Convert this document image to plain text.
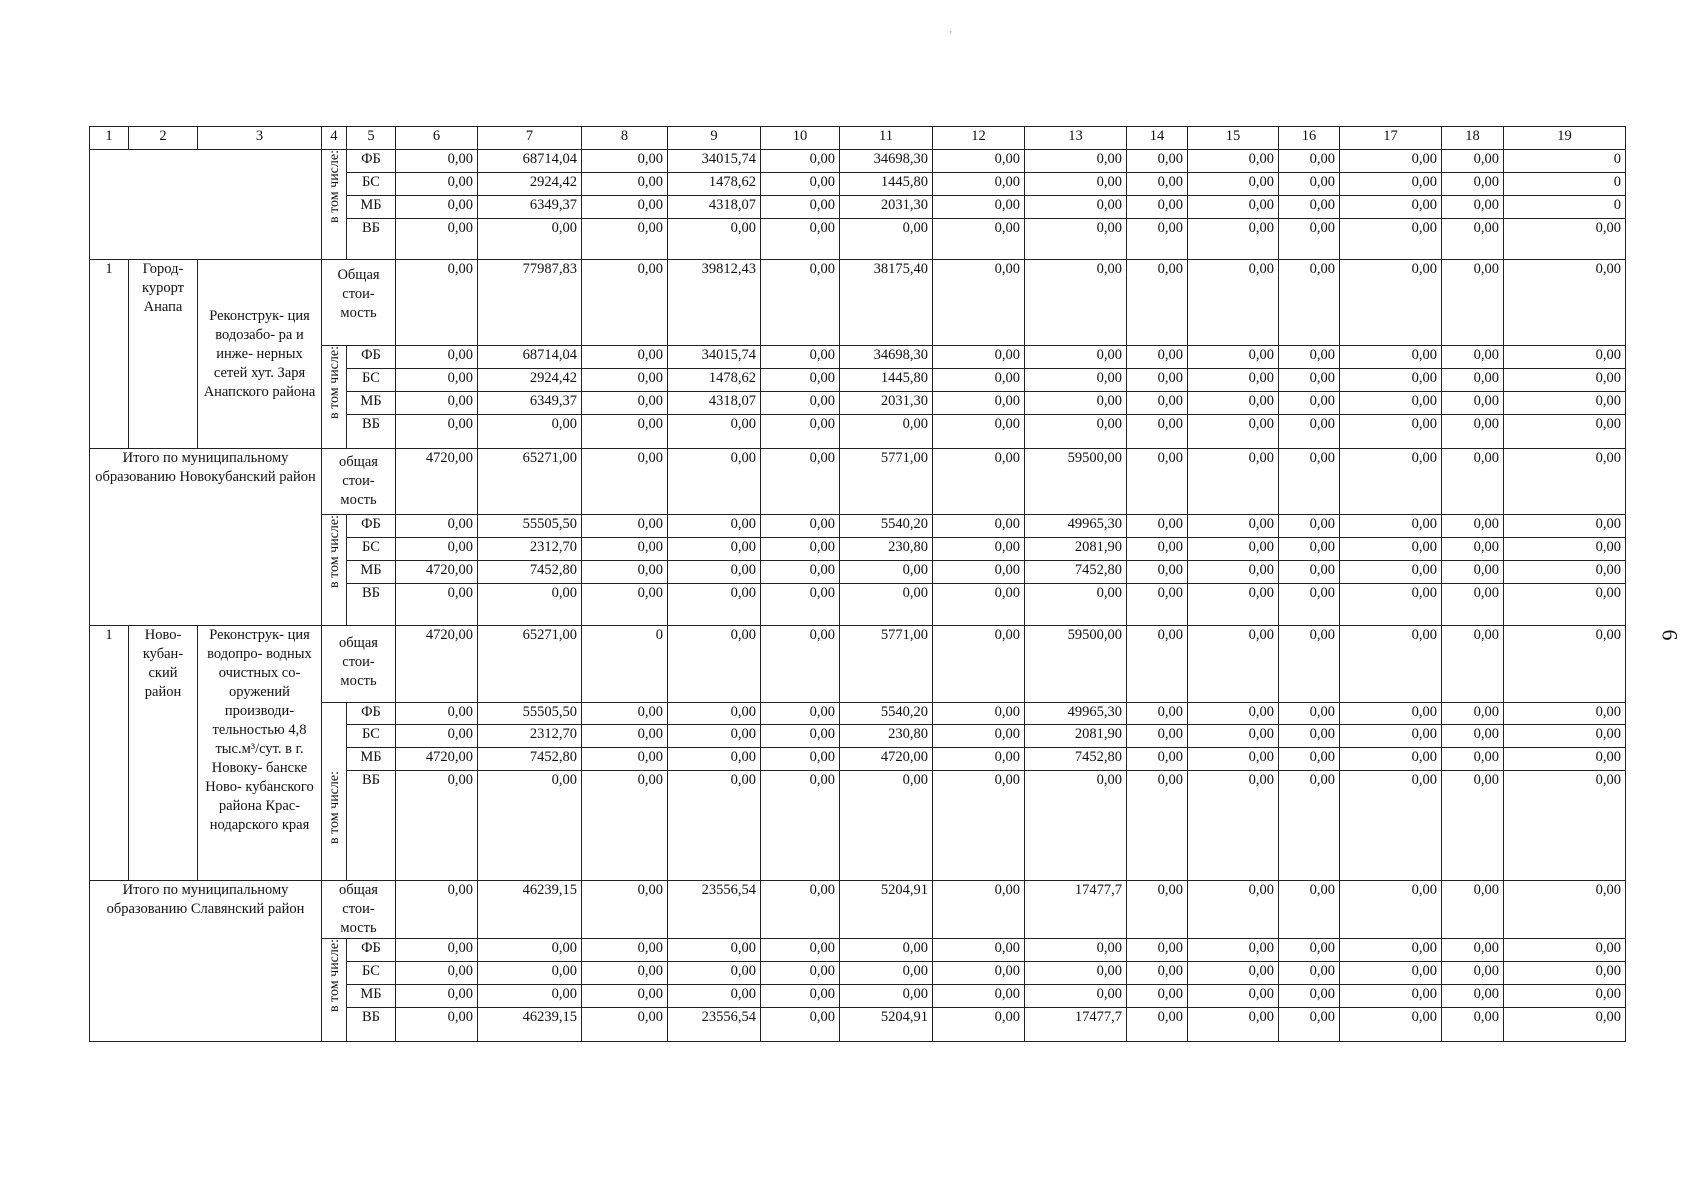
'
1	2	3	4	5	6	7	8	9	10	11	12	13	14	15	16	17	18	19
			в том числе:	ФБ	0,00	68714,04	0,00	34015,74	0,00	34698,30	0,00	0,00	0,00	0,00	0,00	0,00	0,00	0
				БС	0,00	2924,42	0,00	1478,62	0,00	1445,80	0,00	0,00	0,00	0,00	0,00	0,00	0,00	0
				МБ	0,00	6349,37	0,00	4318,07	0,00	2031,30	0,00	0,00	0,00	0,00	0,00	0,00	0,00	0
				ВБ	0,00	0,00	0,00	0,00	0,00	0,00	0,00	0,00	0,00	0,00	0,00	0,00	0,00	0,00
1	Город- курорт Анапа	Реконструк- ция водозабо- ра и инже- нерных сетей хут. Заря Анапского района	Общая стои- мость		0,00	77987,83	0,00	39812,43	0,00	38175,40	0,00	0,00	0,00	0,00	0,00	0,00	0,00	0,00
			в том числе:	ФБ	0,00	68714,04	0,00	34015,74	0,00	34698,30	0,00	0,00	0,00	0,00	0,00	0,00	0,00	0,00
				БС	0,00	2924,42	0,00	1478,62	0,00	1445,80	0,00	0,00	0,00	0,00	0,00	0,00	0,00	0,00
				МБ	0,00	6349,37	0,00	4318,07	0,00	2031,30	0,00	0,00	0,00	0,00	0,00	0,00	0,00	0,00
				ВБ	0,00	0,00	0,00	0,00	0,00	0,00	0,00	0,00	0,00	0,00	0,00	0,00	0,00	0,00
Итого по муниципальному образованию Новокубанский район			общая стои- мость		4720,00	65271,00	0,00	0,00	0,00	5771,00	0,00	59500,00	0,00	0,00	0,00	0,00	0,00	0,00
			в том числе:	ФБ	0,00	55505,50	0,00	0,00	0,00	5540,20	0,00	49965,30	0,00	0,00	0,00	0,00	0,00	0,00
				БС	0,00	2312,70	0,00	0,00	0,00	230,80	0,00	2081,90	0,00	0,00	0,00	0,00	0,00	0,00
				МБ	4720,00	7452,80	0,00	0,00	0,00	0,00	0,00	7452,80	0,00	0,00	0,00	0,00	0,00	0,00
				ВБ	0,00	0,00	0,00	0,00	0,00	0,00	0,00	0,00	0,00	0,00	0,00	0,00	0,00	0,00
1	Ново- кубан- ский район	Реконструк- ция водопро- водных очистных со- оружений производи- тельностью 4,8 тыс.м³/сут. в г. Новоку- банске Ново- кубанского района Крас- нодарского края	общая стои- мость		4720,00	65271,00	0	0,00	0,00	5771,00	0,00	59500,00	0,00	0,00	0,00	0,00	0,00	0,00
			в том числе:	ФБ	0,00	55505,50	0,00	0,00	0,00	5540,20	0,00	49965,30	0,00	0,00	0,00	0,00	0,00	0,00
				БС	0,00	2312,70	0,00	0,00	0,00	230,80	0,00	2081,90	0,00	0,00	0,00	0,00	0,00	0,00
				МБ	4720,00	7452,80	0,00	0,00	0,00	4720,00	0,00	7452,80	0,00	0,00	0,00	0,00	0,00	0,00
				ВБ	0,00	0,00	0,00	0,00	0,00	0,00	0,00	0,00	0,00	0,00	0,00	0,00	0,00	0,00
Итого по муниципальному образованию Славянский район			общая стои- мость		0,00	46239,15	0,00	23556,54	0,00	5204,91	0,00	17477,7	0,00	0,00	0,00	0,00	0,00	0,00
			в том числе:	ФБ	0,00	0,00	0,00	0,00	0,00	0,00	0,00	0,00	0,00	0,00	0,00	0,00	0,00	0,00
				БС	0,00	0,00	0,00	0,00	0,00	0,00	0,00	0,00	0,00	0,00	0,00	0,00	0,00	0,00
				МБ	0,00	0,00	0,00	0,00	0,00	0,00	0,00	0,00	0,00	0,00	0,00	0,00	0,00	0,00
				ВБ	0,00	46239,15	0,00	23556,54	0,00	5204,91	0,00	17477,7	0,00	0,00	0,00	0,00	0,00	0,00
6
